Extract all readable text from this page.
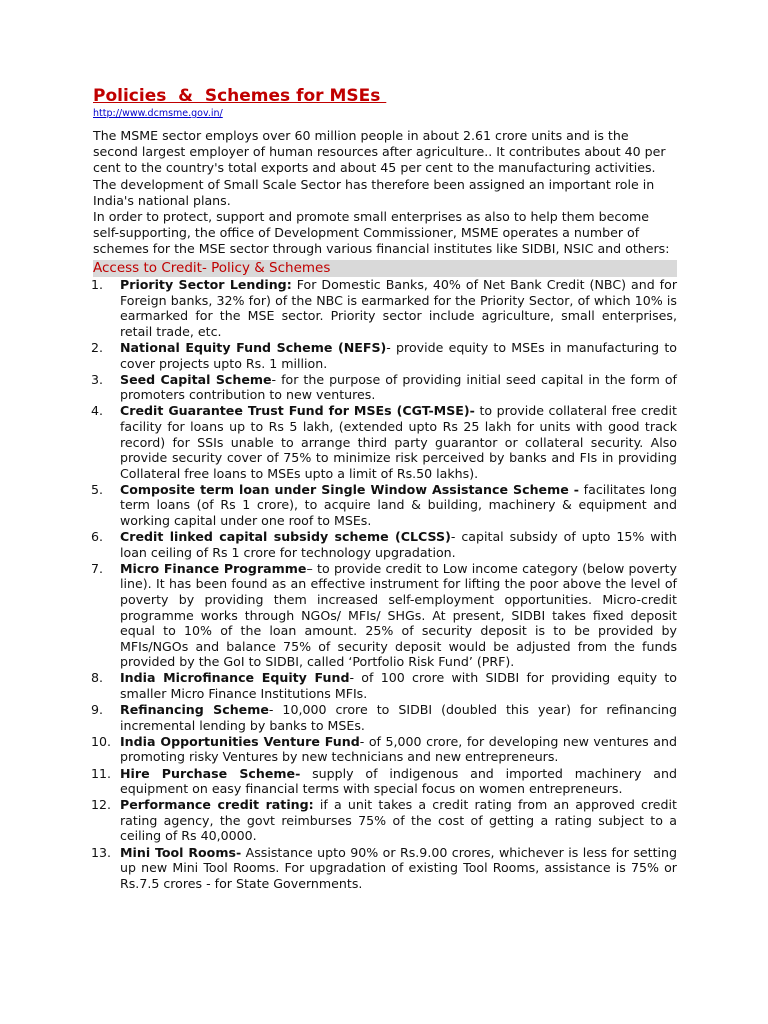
Policies  &  Schemes for MSEs
http://www.dcmsme.gov.in/

The MSME sector employs over 60 million people in about 2.61 crore units and is the second largest employer of human resources after agriculture.. It contributes about 40 per cent to the country's total exports and about 45 per cent to the manufacturing activities. The development of Small Scale Sector has therefore been assigned an important role in India's national plans.

In order to protect, support and promote small enterprises as also to help them become self-supporting, the office of Development Commissioner, MSME operates a number of schemes for the MSE sector through various financial institutes like SIDBI, NSIC and others:

Access to Credit- Policy & Schemes
1. Priority Sector Lending: For Domestic Banks, 40% of Net Bank Credit (NBC) and for Foreign banks, 32% for) of the NBC is earmarked for the Priority Sector, of which 10% is earmarked for the MSE sector. Priority sector include agriculture, small enterprises, retail trade, etc.
2. National Equity Fund Scheme (NEFS)- provide equity to MSEs in manufacturing to cover projects upto Rs. 1 million.
3. Seed Capital Scheme- for the purpose of providing initial seed capital in the form of promoters contribution to new ventures.
4. Credit Guarantee Trust Fund for MSEs (CGT-MSE)- to provide collateral free credit facility for loans up to Rs 5 lakh, (extended upto Rs 25 lakh for units with good track record) for SSIs unable to arrange third party guarantor or collateral security. Also provide security cover of 75% to minimize risk perceived by banks and FIs in providing Collateral free loans to MSEs upto a limit of Rs.50 lakhs).
5. Composite term loan under Single Window Assistance Scheme - facilitates long term loans (of Rs 1 crore), to acquire land & building, machinery & equipment and working capital under one roof to MSEs.
6. Credit linked capital subsidy scheme (CLCSS)- capital subsidy of upto 15% with loan ceiling of Rs 1 crore for technology upgradation.
7. Micro Finance Programme– to provide credit to Low income category (below poverty line). It has been found as an effective instrument for lifting the poor above the level of poverty by providing them increased self-employment opportunities. Micro-credit programme works through NGOs/ MFIs/ SHGs. At present, SIDBI takes fixed deposit equal to 10% of the loan amount. 25% of security deposit is to be provided by MFIs/NGOs and balance 75% of security deposit would be adjusted from the funds provided by the GoI to SIDBI, called ‘Portfolio Risk Fund’ (PRF).
8. India Microfinance Equity Fund- of 100 crore with SIDBI for providing equity to smaller Micro Finance Institutions MFIs.
9. Refinancing Scheme- 10,000 crore to SIDBI (doubled this year) for refinancing incremental lending by banks to MSEs.
10. India Opportunities Venture Fund- of 5,000 crore, for developing new ventures and promoting risky Ventures by new technicians and new entrepreneurs.
11. Hire Purchase Scheme- supply of indigenous and imported machinery and equipment on easy financial terms with special focus on women entrepreneurs.
12. Performance credit rating: if a unit takes a credit rating from an approved credit rating agency, the govt reimburses 75% of the cost of getting a rating subject to a ceiling of Rs 40,0000.
13. Mini Tool Rooms- Assistance upto 90% or Rs.9.00 crores, whichever is less for setting up new Mini Tool Rooms. For upgradation of existing Tool Rooms, assistance is 75% or Rs.7.5 crores - for State Governments.
